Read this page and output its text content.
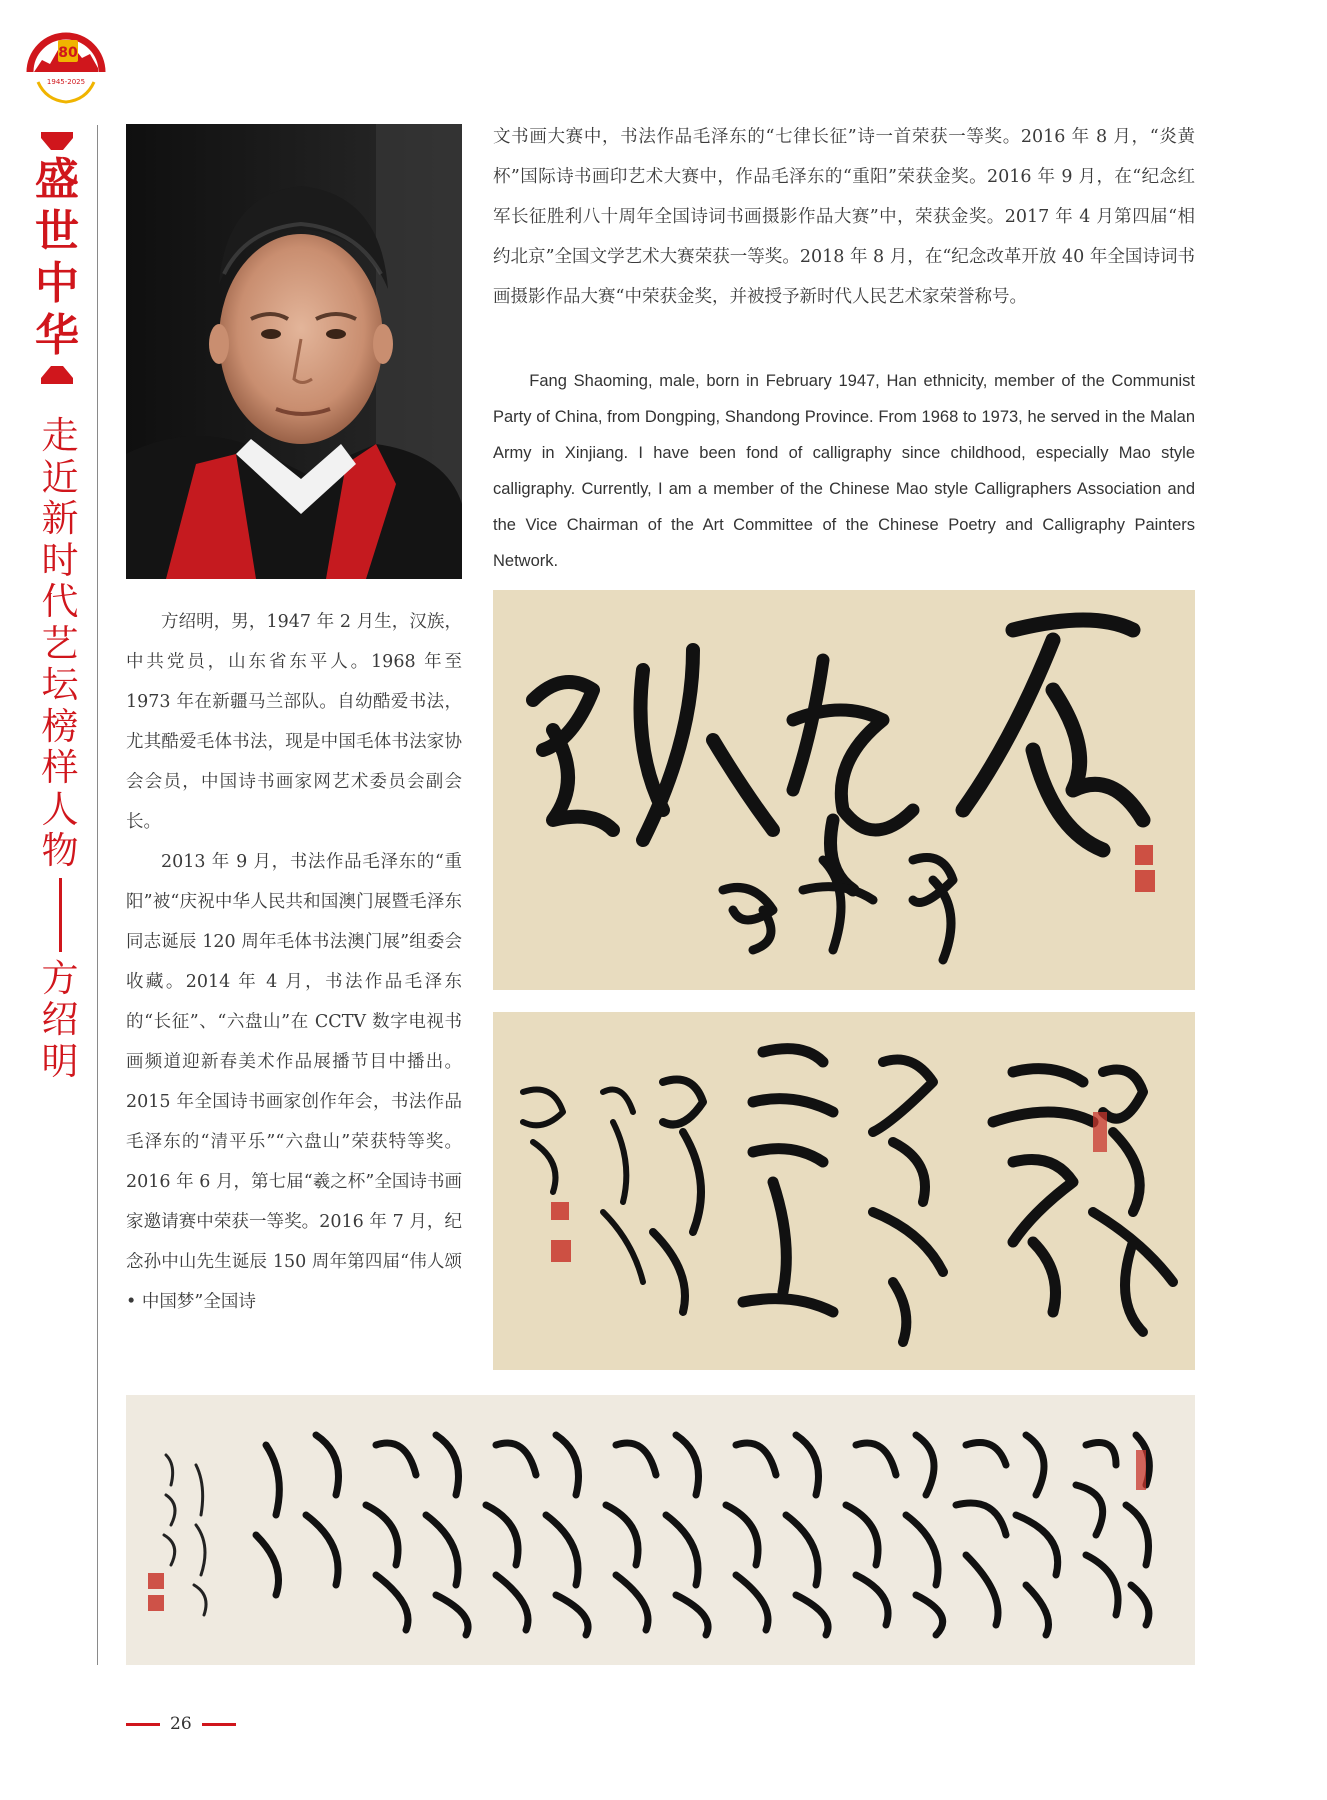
80
1945-2025
盛
世
中
华
走
近
新
时
代
艺
坛
榜
样
人
物
方
绍
明

方绍明，男，1947 年 2 月生，汉族，中共党员，山东省东平人。1968 年至 1973 年在新疆马兰部队。自幼酷爱书法，尤其酷爱毛体书法，现是中国毛体书法家协会会员，中国诗书画家网艺术委员会副会长。

2013 年 9 月，书法作品毛泽东的“重阳”被“庆祝中华人民共和国澳门展暨毛泽东同志诞辰 120 周年毛体书法澳门展”组委会收藏。2014 年 4 月，书法作品毛泽东的“长征”、“六盘山”在 CCTV 数字电视书画频道迎新春美术作品展播节目中播出。2015 年全国诗书画家创作年会，书法作品毛泽东的“清平乐”“六盘山”荣获特等奖。2016 年 6 月，第七届“羲之杯”全国诗书画家邀请赛中荣获一等奖。2016 年 7 月，纪念孙中山先生诞辰 150 周年第四届“伟人颂 • 中国梦”全国诗

文书画大赛中，书法作品毛泽东的“七律长征”诗一首荣获一等奖。2016 年 8 月，“炎黄杯”国际诗书画印艺术大赛中，作品毛泽东的“重阳”荣获金奖。2016 年 9 月，在“纪念红军长征胜利八十周年全国诗词书画摄影作品大赛”中，荣获金奖。2017 年 4 月第四届“相约北京”全国文学艺术大赛荣获一等奖。2018 年 8 月，在“纪念改革开放 40 年全国诗词书画摄影作品大赛“中荣获金奖，并被授予新时代人民艺术家荣誉称号。
Fang Shaoming, male, born in February 1947, Han ethnicity, member of the Communist Party of China, from Dongping, Shandong Province. From 1968 to 1973, he served in the Malan Army in Xinjiang. I have been fond of calligraphy since childhood, especially Mao style calligraphy. Currently, I am a member of the Chinese Mao style Calligraphers Association and the Vice Chairman of the Art Committee of the Chinese Poetry and Calligraphy Painters Network.
26
